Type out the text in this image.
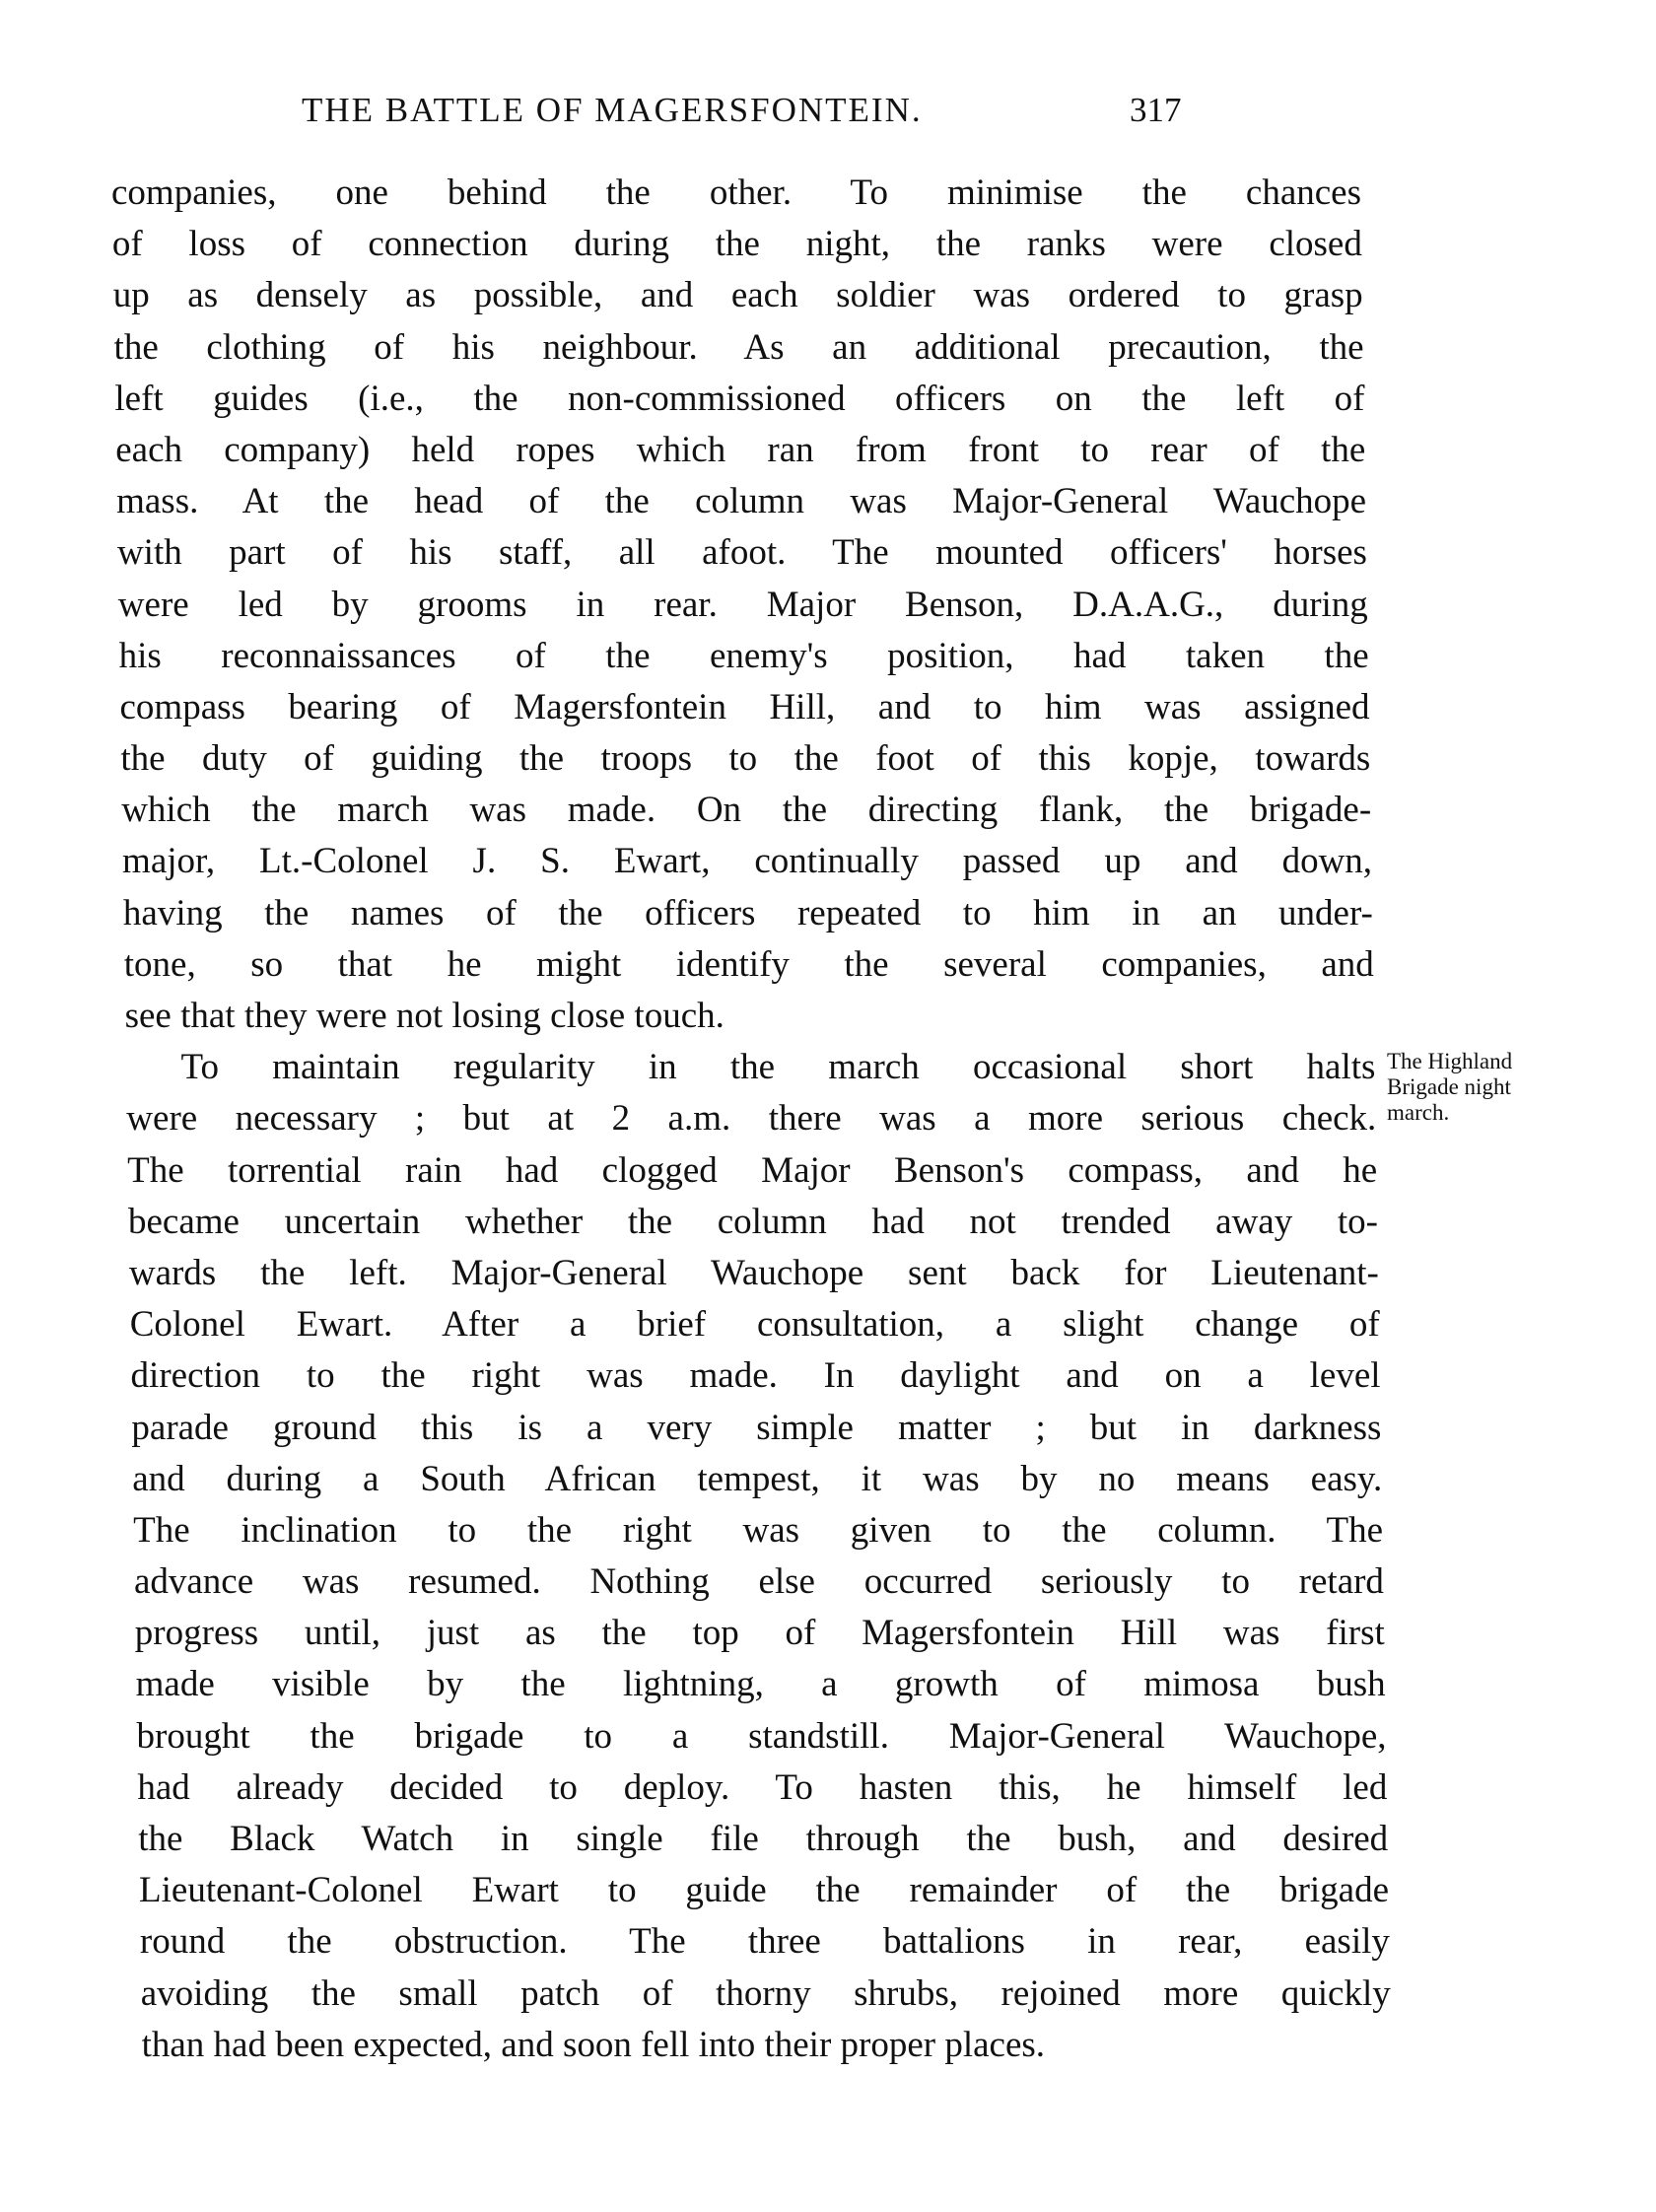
THE BATTLE OF MAGERSFONTEIN.	317
companies, one behind the other. To minimise the chances
of loss of connection during the night, the ranks were closed
up as densely as possible, and each soldier was ordered to grasp
the clothing of his neighbour. As an additional precaution, the
left guides (i.e., the non-commissioned officers on the left of
each company) held ropes which ran from front to rear of the
mass. At the head of the column was Major-General Wauchope
with part of his staff, all afoot. The mounted officers' horses
were led by grooms in rear. Major Benson, D.A.A.G., during
his reconnaissances of the enemy's position, had taken the
compass bearing of Magersfontein Hill, and to him was assigned
the duty of guiding the troops to the foot of this kopje, towards
which the march was made. On the directing flank, the brigade-
major, Lt.-Colonel J. S. Ewart, continually passed up and down,
having the names of the officers repeated to him in an under-
tone, so that he might identify the several companies, and
see that they were not losing close touch.
To maintain regularity in the march occasional short halts
were necessary ; but at 2 a.m. there was a more serious check.
The torrential rain had clogged Major Benson's compass, and he
became uncertain whether the column had not trended away to-
wards the left. Major-General Wauchope sent back for Lieutenant-
Colonel Ewart. After a brief consultation, a slight change of
direction to the right was made. In daylight and on a level
parade ground this is a very simple matter ; but in darkness
and during a South African tempest, it was by no means easy.
The inclination to the right was given to the column. The
advance was resumed. Nothing else occurred seriously to retard
progress until, just as the top of Magersfontein Hill was first
made visible by the lightning, a growth of mimosa bush
brought the brigade to a standstill. Major-General Wauchope,
had already decided to deploy. To hasten this, he himself led
the Black Watch in single file through the bush, and desired
Lieutenant-Colonel Ewart to guide the remainder of the brigade
round the obstruction. The three battalions in rear, easily
avoiding the small patch of thorny shrubs, rejoined more quickly
than had been expected, and soon fell into their proper places.
The Highland
Brigade night
march.
